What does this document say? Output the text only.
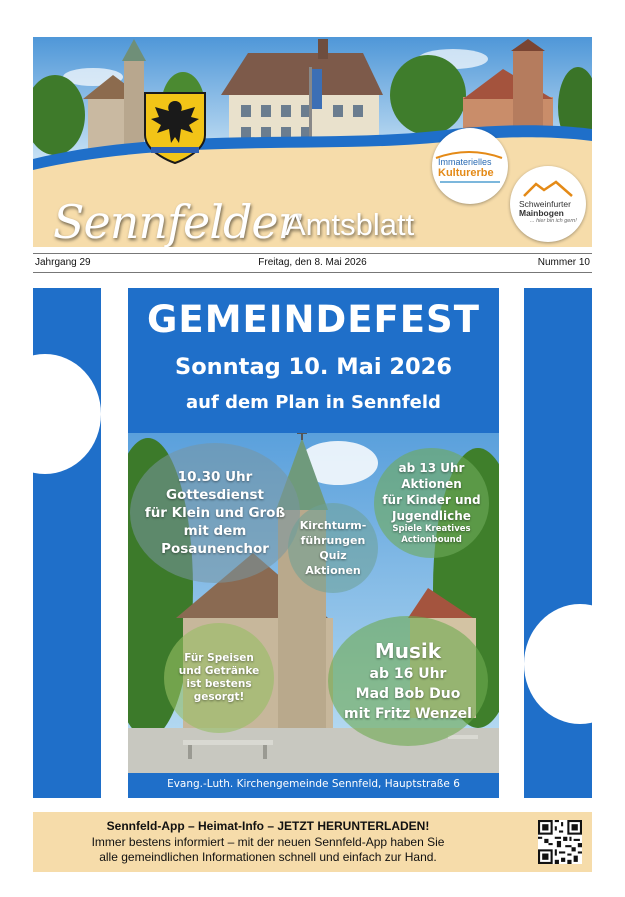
Sennfelder
Amtsblatt
Immaterielles
Kulturerbe
Schweinfurter
Mainbogen
... hier bin ich gern!
Freitag, den 8. Mai 2026
Jahrgang 29	Nummer 10
GEMEINDEFEST
Sonntag 10. Mai 2026
auf dem Plan in Sennfeld
10.30 Uhr
Gottesdienst
für Klein und Groß
mit dem
Posaunenchor
Kirchturm-
führungen
Quiz
Aktionen
ab 13 Uhr
Aktionen
für Kinder und
Jugendliche
Spiele Kreatives
Actionbound
Für Speisen
und Getränke
ist bestens
gesorgt!
Musik
ab 16 Uhr
Mad Bob Duo
mit Fritz Wenzel
Evang.-Luth. Kirchengemeinde Sennfeld, Hauptstraße 6
Sennfeld-App – Heimat-Info – JETZT HERUNTERLADEN!
Immer bestens informiert – mit der neuen Sennfeld-App haben Sie
alle gemeindlichen Informationen schnell und einfach zur Hand.
